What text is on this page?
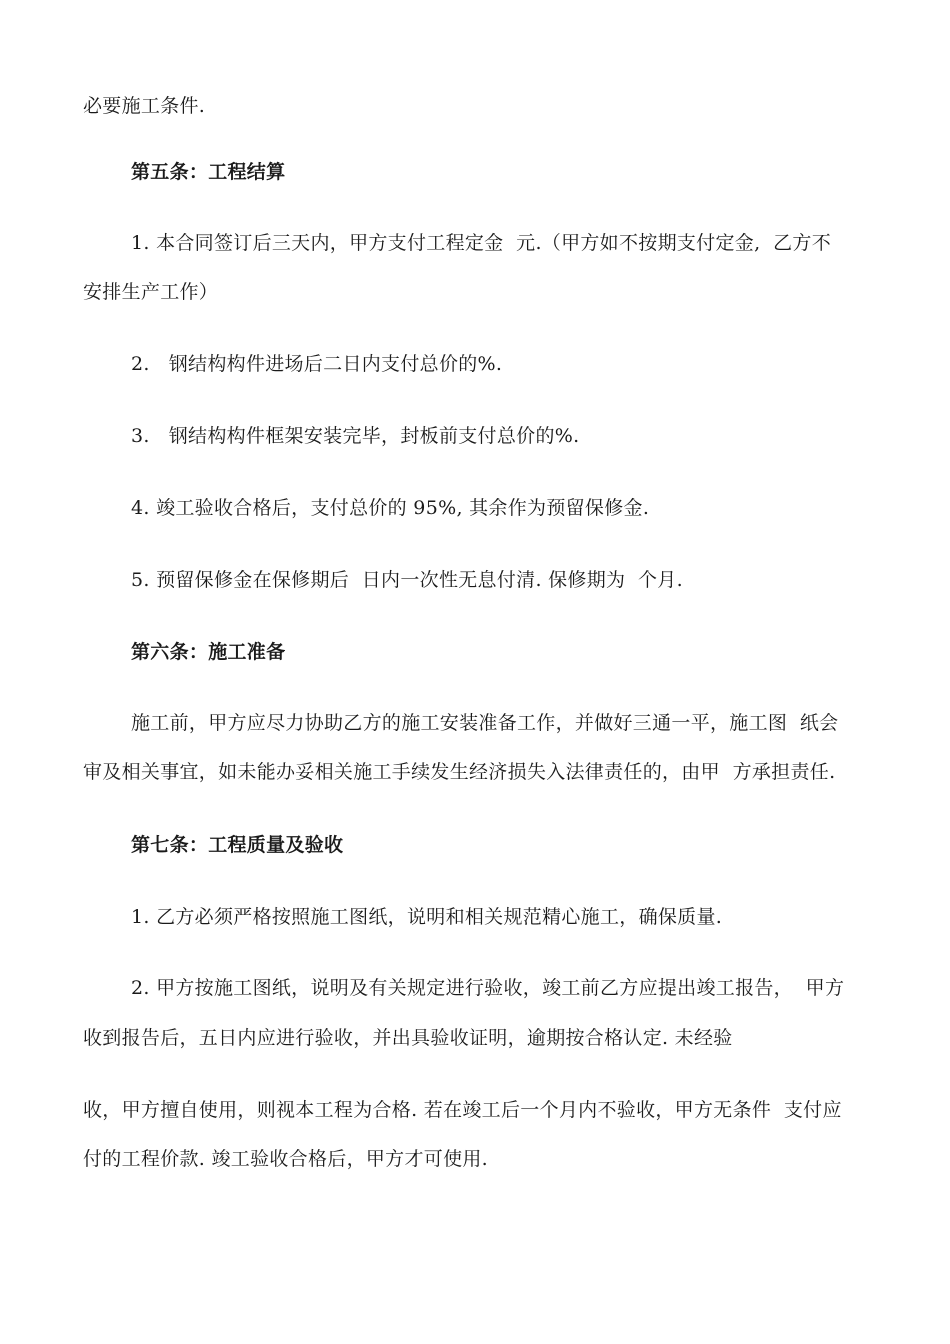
必要施工条件.
第五条：工程结算
1. 本合同签订后三天内，甲方支付工程定金  元.（甲方如不按期支付定金,  乙方不
安排生产工作）
2.   钢结构构件进场后二日内支付总价的%.
3.   钢结构构件框架安装完毕，封板前支付总价的%.
4. 竣工验收合格后，支付总价的 95%, 其余作为预留保修金.
5. 预留保修金在保修期后  日内一次性无息付清. 保修期为  个月.
第六条：施工准备
施工前，甲方应尽力协助乙方的施工安装准备工作，并做好三通一平，施工图  纸会
审及相关事宜，如未能办妥相关施工手续发生经济损失入法律责任的，由甲  方承担责任.
第七条：工程质量及验收
1. 乙方必须严格按照施工图纸，说明和相关规范精心施工，确保质量.
2. 甲方按施工图纸，说明及有关规定进行验收，竣工前乙方应提出竣工报告，  甲方
收到报告后，五日内应进行验收，并出具验收证明，逾期按合格认定. 未经验
收，甲方擅自使用，则视本工程为合格. 若在竣工后一个月内不验收，甲方无条件  支付应
付的工程价款. 竣工验收合格后，甲方才可使用.
